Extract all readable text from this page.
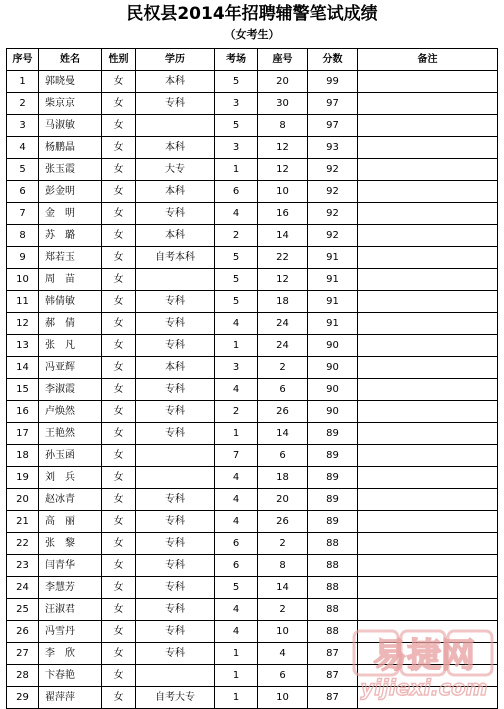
民权县2014年招聘辅警笔试成绩
（女考生）
序号	姓名	性别	学历	考场	座号	分数	备注
1	郭晓曼	女	本科	5	20	99	
2	柴京京	女	专科	3	30	97	
3	马淑敏	女		5	8	97	
4	杨鹏晶	女	本科	3	12	93	
5	张玉霞	女	大专	1	12	92	
6	彭金明	女	本科	6	10	92	
7	金　明	女	专科	4	16	92	
8	苏　璐	女	本科	2	14	92	
9	郑若玉	女	自考本科	5	22	91	
10	周　苗	女		5	12	91	
11	韩倩敏	女	专科	5	18	91	
12	郝　倩	女	专科	4	24	91	
13	张　凡	女	专科	1	24	90	
14	冯亚辉	女	本科	3	2	90	
15	李淑霞	女	专科	4	6	90	
16	卢焕然	女	专科	2	26	90	
17	王艳然	女	专科	1	14	89	
18	孙玉函	女		7	6	89	
19	刘　兵	女		4	18	89	
20	赵冰青	女	专科	4	20	89	
21	高　丽	女	专科	4	26	89	
22	张　黎	女	专科	6	2	88	
23	闫青华	女	专科	6	8	88	
24	李慧芳	女	专科	5	14	88	
25	汪淑君	女	专科	4	2	88	
26	冯雪丹	女	专科	4	10	88	
27	李　欣	女	专科	1	4	87	
28	卞春艳	女		1	6	87	
29	翟萍萍	女	自考大专	1	10	87	
易捷网
yijiexi.com
